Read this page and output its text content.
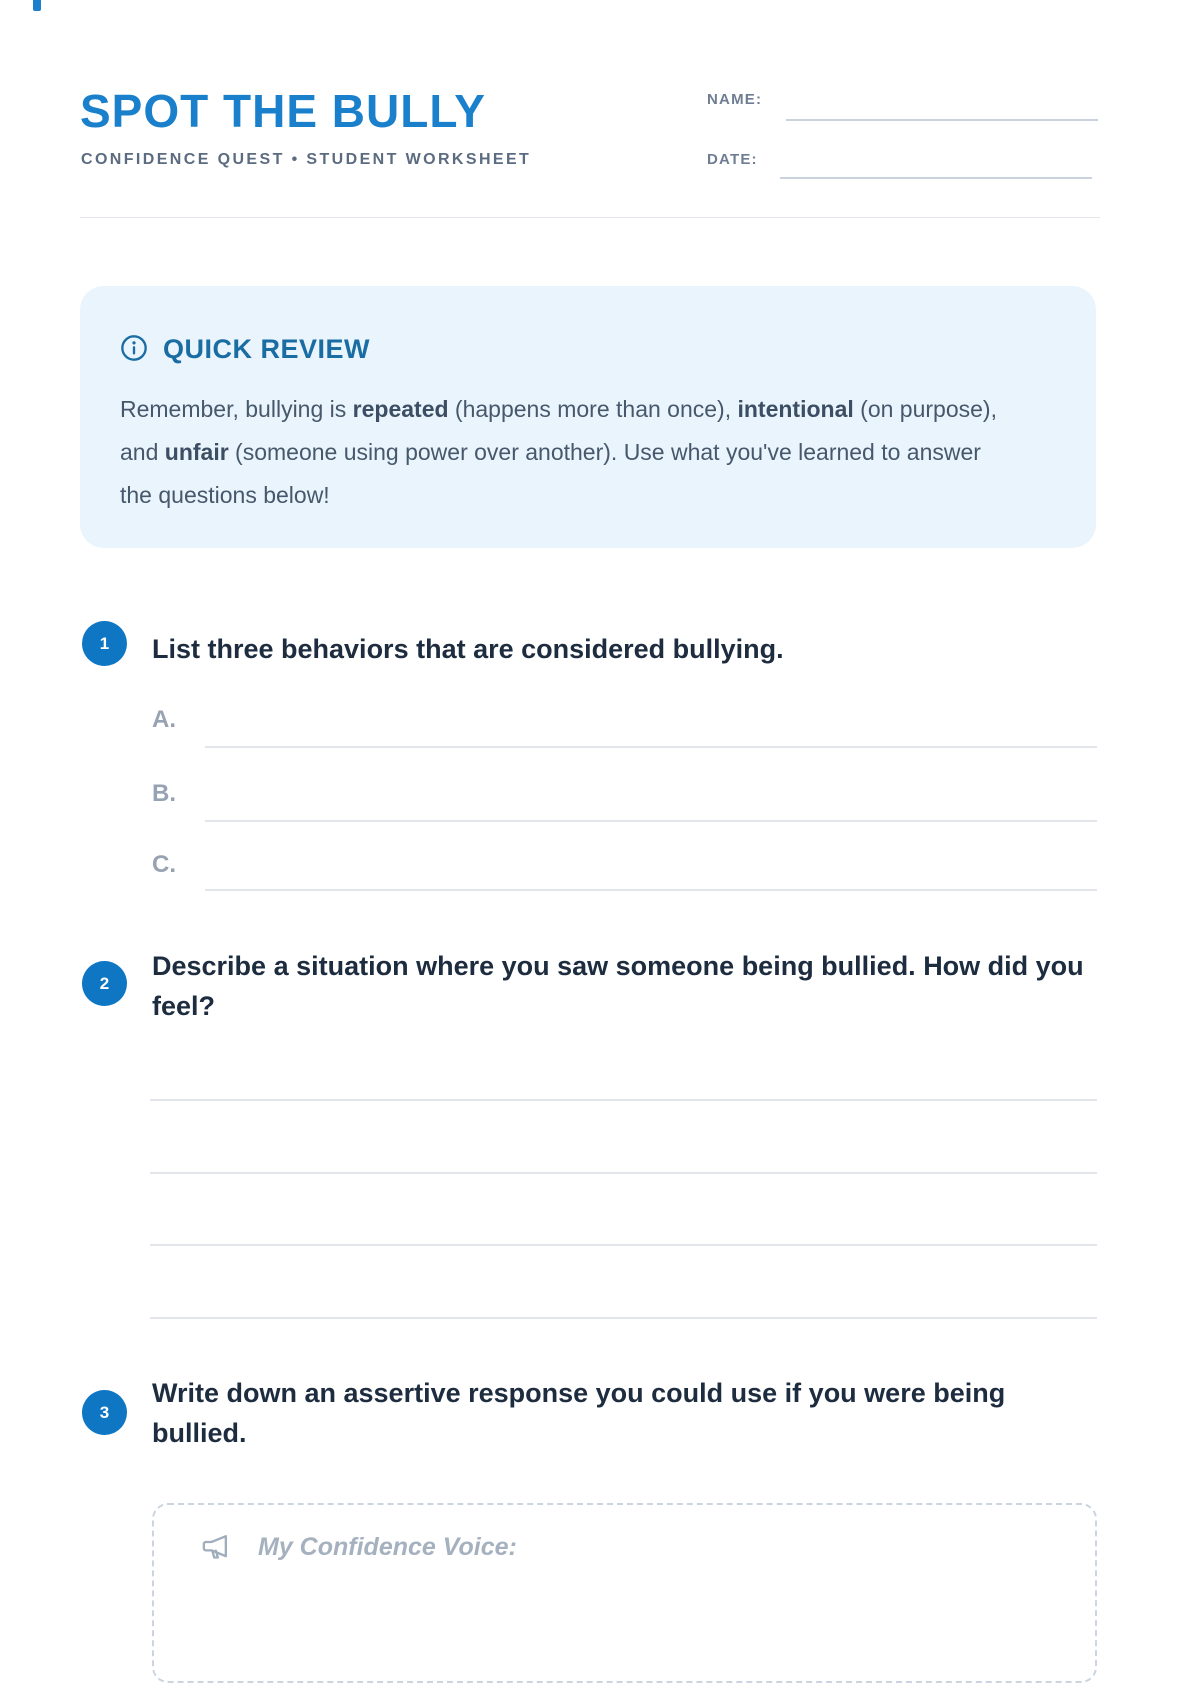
SPOT THE BULLY
CONFIDENCE QUEST • STUDENT WORKSHEET
NAME:
DATE:
QUICK REVIEW

Remember, bullying is repeated (happens more than once), intentional (on purpose), and unfair (someone using power over another). Use what you've learned to answer the questions below!

1	List three behaviors that are considered bullying.
A.
B.
C.
2
Describe a situation where you saw someone being bullied. How did you feel?
3
Write down an assertive response you could use if you were being bullied.
My Confidence Voice:
